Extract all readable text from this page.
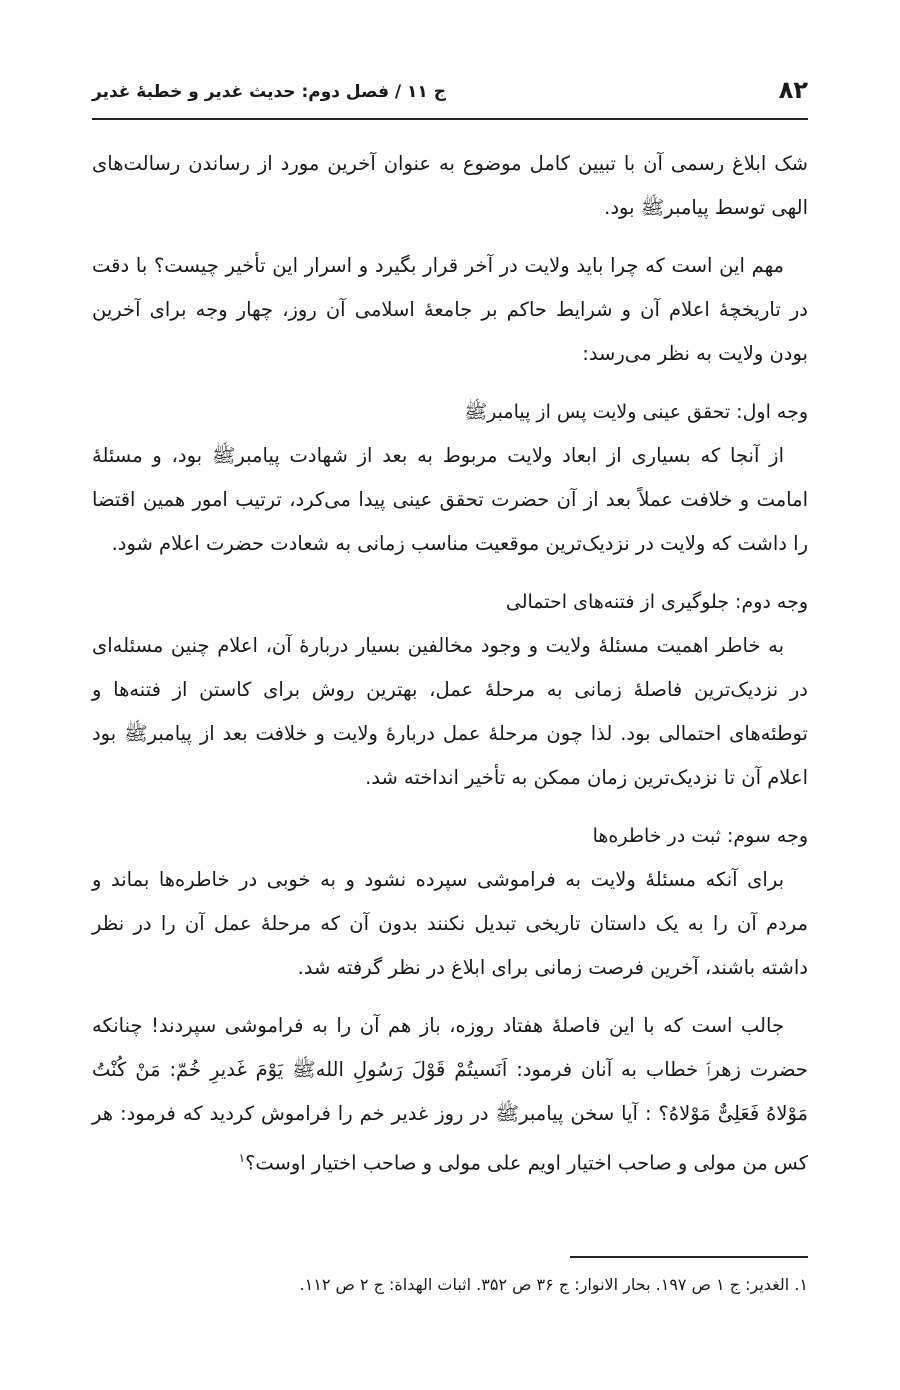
۸۲
ج ۱۱ / فصل دوم: حدیث غدیر و خطبهٔ غدیر

شک ابلاغ رسمی آن با تبیین کامل موضوع به عنوان آخرین مورد از رساندن رسالت‌های الهی توسط پیامبرﷺ بود.

مهم این است که چرا باید ولایت در آخر قرار بگیرد و اسرار این تأخیر چیست؟ با دقت در تاریخچهٔ اعلام آن و شرایط حاکم بر جامعهٔ اسلامی آن روز، چهار وجه برای آخرین بودن ولایت به نظر می‌رسد:

وجه اول: تحقق عینی ولایت پس از پیامبرﷺ

از آنجا که بسیاری از ابعاد ولایت مربوط به بعد از شهادت پیامبرﷺ بود، و مسئلهٔ امامت و خلافت عملاً بعد از آن حضرت تحقق عینی پیدا می‌کرد، ترتیب امور همین اقتضا را داشت که ولایت در نزدیک‌ترین موقعیت مناسب زمانی به شعادت حضرت اعلام شود.

وجه دوم: جلوگیری از فتنه‌های احتمالی

به خاطر اهمیت مسئلهٔ ولایت و وجود مخالفین بسیار دربارهٔ آن، اعلام چنین مسئله‌ای در نزدیک‌ترین فاصلهٔ زمانی به مرحلهٔ عمل، بهترین روش برای کاستن از فتنه‌ها و توطئه‌های احتمالی بود. لذا چون مرحلهٔ عمل دربارهٔ ولایت و خلافت بعد از پیامبرﷺ بود اعلام آن تا نزدیک‌ترین زمان ممکن به تأخیر انداخته شد.

وجه سوم: ثبت در خاطره‌ها

برای آنکه مسئلهٔ ولایت به فراموشی سپرده نشود و به خوبی در خاطره‌ها بماند و مردم آن را به یک داستان تاریخی تبدیل نکنند بدون آن که مرحلهٔ عمل آن را در نظر داشته باشند، آخرین فرصت زمانی برای ابلاغ در نظر گرفته شد.

جالب است که با این فاصلهٔ هفتاد روزه، باز هم آن را به فراموشی سپردند! چنانکه حضرت زهراؑ خطاب به آنان فرمود: اَنَسیتُمْ قَوْلَ رَسُولِ اللهﷺ یَوْمَ غَدیرِ خُمّ: مَنْ کُنْتُ مَوْلاهُ فَعَلِیٌّ مَوْلاهُ؟ : آیا سخن پیامبرﷺ در روز غدیر خم را فراموش کردید که فرمود: هر کس من مولی و صاحب اختیار اویم علی مولی و صاحب اختیار اوست؟$^۱$

۱. الغدیر: ج ۱ ص ۱۹۷. بحار الانوار: ج ۳۶ ص ۳۵۲. اثبات الهداة: ج ۲ ص ۱۱۲.
